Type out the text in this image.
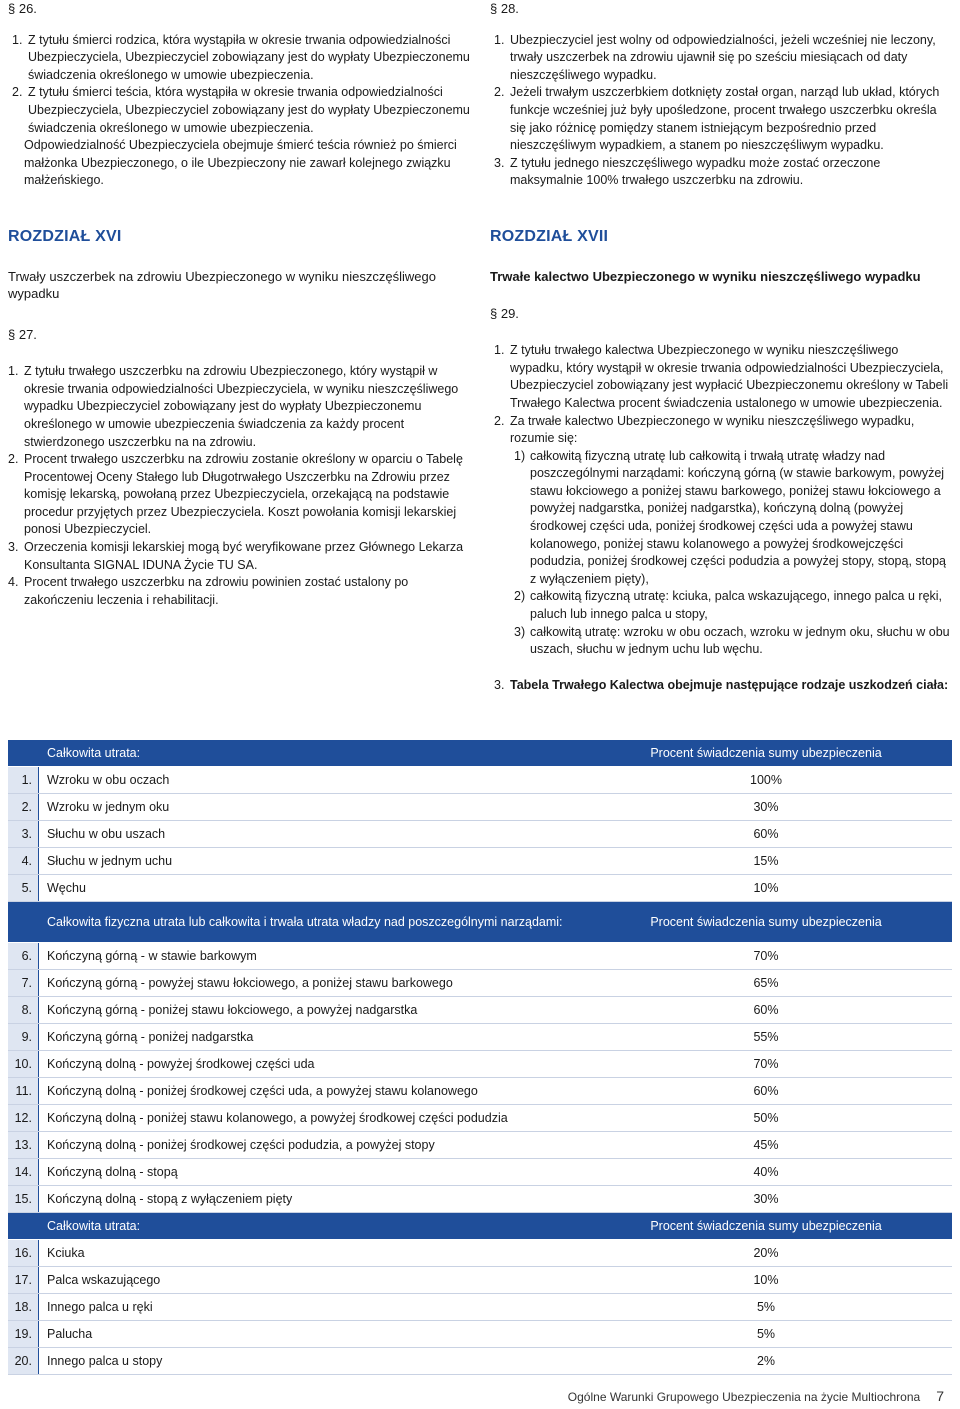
§ 26.
1. Z tytułu śmierci rodzica, która wystąpiła w okresie trwania odpowiedzialności Ubezpieczyciela, Ubezpieczyciel zobowiązany jest do wypłaty Ubezpieczonemu świadczenia określonego w umowie ubezpieczenia.
2. Z tytułu śmierci teścia, która wystąpiła w okresie trwania odpowiedzialności Ubezpieczyciela, Ubezpieczyciel zobowiązany jest do wypłaty Ubezpieczonemu świadczenia określonego w umowie ubezpieczenia.

Odpowiedzialność Ubezpieczyciela obejmuje śmierć teścia również po śmierci małżonka Ubezpieczonego, o ile Ubezpieczony nie zawarł kolejnego związku małżeńskiego.

ROZDZIAŁ XVI

Trwały uszczerbek na zdrowiu Ubezpieczonego w wyniku nieszczęśliwego wypadku

§ 27.
1. Z tytułu trwałego uszczerbku na zdrowiu Ubezpieczonego, który wystąpił w okresie trwania odpowiedzialności Ubezpieczyciela, w wyniku nieszczęśliwego wypadku Ubezpieczyciel zobowiązany jest do wypłaty Ubezpieczonemu określonego w umowie ubezpieczenia świadczenia za każdy procent stwierdzonego uszczerbku na na zdrowiu.
2. Procent trwałego uszczerbku na zdrowiu zostanie określony w oparciu o Tabelę Procentowej Oceny Stałego lub Długotrwałego Uszczerbku na Zdrowiu przez komisję lekarską, powołaną przez Ubezpieczyciela, orzekającą na podstawie procedur przyjętych przez Ubezpieczyciela. Koszt powołania komisji lekarskiej ponosi Ubezpieczyciel.
3. Orzeczenia komisji lekarskiej mogą być weryfikowane przez Głównego Lekarza Konsultanta SIGNAL IDUNA Życie TU SA.
4. Procent trwałego uszczerbku na zdrowiu powinien zostać ustalony po zakończeniu leczenia i rehabilitacji.
§ 28.
1. Ubezpieczyciel jest wolny od odpowiedzialności, jeżeli wcześniej nie leczony, trwały uszczerbek na zdrowiu ujawnił się po sześciu miesiącach od daty nieszczęśliwego wypadku.
2. Jeżeli trwałym uszczerbkiem dotknięty został organ, narząd lub układ, których funkcje wcześniej już były upośledzone, procent trwałego uszczerbku określa się jako różnicę pomiędzy stanem istniejącym bezpośrednio przed nieszczęśliwym wypadkiem, a stanem po nieszczęśliwym wypadku.
3. Z tytułu jednego nieszczęśliwego wypadku może zostać orzeczone maksymalnie 100% trwałego uszczerbku na zdrowiu.
ROZDZIAŁ XVII

Trwałe kalectwo Ubezpieczonego w wyniku nieszczęśliwego wypadku

§ 29.
1. Z tytułu trwałego kalectwa Ubezpieczonego w wyniku nieszczęśliwego wypadku, który wystąpił w okresie trwania odpowiedzialności Ubezpieczyciela, Ubezpieczyciel zobowiązany jest wypłacić Ubezpieczonemu określony w Tabeli Trwałego Kalectwa procent świadczenia ustalonego w umowie ubezpieczenia.
2. Za trwałe kalectwo Ubezpieczonego w wyniku nieszczęśliwego wypadku, rozumie się:
1) całkowitą fizyczną utratę lub całkowitą i trwałą utratę władzy nad poszczególnymi narządami: kończyną górną (w stawie barkowym, powyżej stawu łokciowego a poniżej stawu barkowego, poniżej stawu łokciowego a powyżej nadgarstka, poniżej nadgarstka), kończyną dolną (powyżej środkowej części uda, poniżej środkowej części uda a powyżej stawu kolanowego, poniżej stawu kolanowego a powyżej środkowejczęści podudzia, poniżej środkowej części podudzia a powyżej stopy, stopą, stopą z wyłączeniem pięty),
2) całkowitą fizyczną utratę: kciuka, palca wskazującego, innego palca u ręki, paluch lub innego palca u stopy,
3) całkowitą utratę: wzroku w obu oczach, wzroku w jednym oku, słuchu w obu uszach, słuchu w jednym uchu lub węchu.
3. Tabela Trwałego Kalectwa obejmuje następujące rodzaje uszkodzeń ciała:
	Całkowita utrata:	Procent świadczenia sumy ubezpieczenia
1.	Wzroku w obu oczach	100%
2.	Wzroku w jednym oku	30%
3.	Słuchu w obu uszach	60%
4.	Słuchu w jednym uchu	15%
5.	Węchu	10%
	Całkowita fizyczna utrata lub całkowita i trwała utrata władzy nad poszczególnymi narządami:	Procent świadczenia sumy ubezpieczenia
6.	Kończyną górną - w stawie barkowym	70%
7.	Kończyną górną - powyżej stawu łokciowego, a poniżej stawu barkowego	65%
8.	Kończyną górną - poniżej stawu łokciowego, a powyżej nadgarstka	60%
9.	Kończyną górną - poniżej nadgarstka	55%
10.	Kończyną dolną - powyżej środkowej części uda	70%
11.	Kończyną dolną - poniżej środkowej części uda, a powyżej stawu kolanowego	60%
12.	Kończyną dolną - poniżej stawu kolanowego, a powyżej środkowej części podudzia	50%
13.	Kończyną dolną - poniżej środkowej części podudzia, a powyżej stopy	45%
14.	Kończyną dolną - stopą	40%
15.	Kończyną dolną - stopą z wyłączeniem pięty	30%
	Całkowita utrata:	Procent świadczenia sumy ubezpieczenia
16.	Kciuka	20%
17.	Palca wskazującego	10%
18.	Innego palca u ręki	5%
19.	Palucha	5%
20.	Innego palca u stopy	2%
Ogólne Warunki Grupowego Ubezpieczenia na życie Multiochrona 7
